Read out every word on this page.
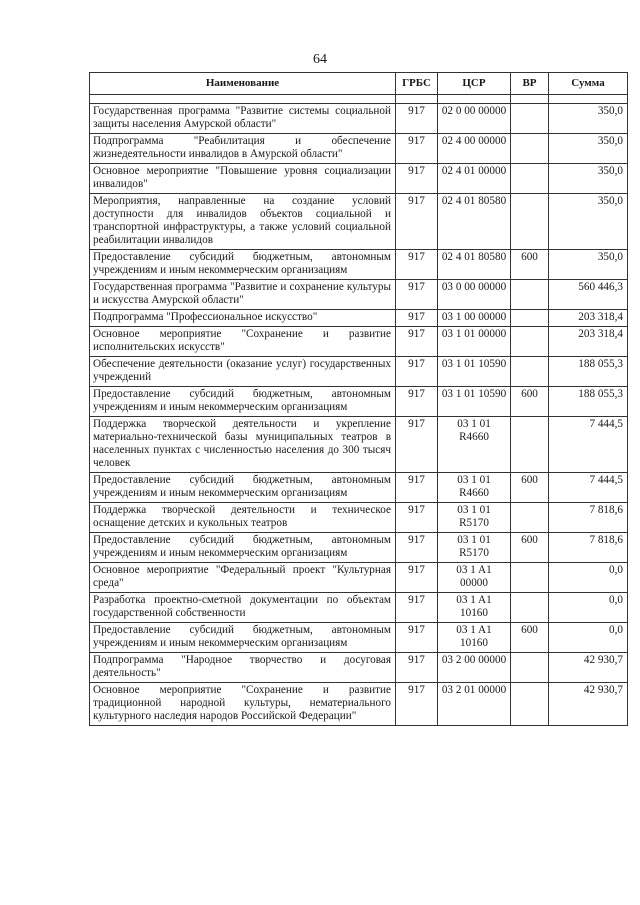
64
Наименование	ГРБС	ЦСР	ВР	Сумма

Государственная программа "Развитие системы социальной защиты населения Амурской области"	917	02 0 00 00000		350,0
Подпрограмма "Реабилитация и обеспечение жизнедеятельности инвалидов в Амурской области"	917	02 4 00 00000		350,0
Основное мероприятие "Повышение уровня социализации инвалидов"	917	02 4 01 00000		350,0
Мероприятия, направленные на создание условий доступности для инвалидов объектов социальной и транспортной инфраструктуры, а также условий социальной реабилитации инвалидов	917	02 4 01 80580		350,0
Предоставление субсидий бюджетным, автономным учреждениям и иным некоммерческим организациям	917	02 4 01 80580	600	350,0
Государственная программа "Развитие и сохранение культуры и искусства Амурской области"	917	03 0 00 00000		560 446,3
Подпрограмма "Профессиональное искусство"	917	03 1 00 00000		203 318,4
Основное мероприятие "Сохранение и развитие исполнительских искусств"	917	03 1 01 00000		203 318,4
Обеспечение деятельности (оказание услуг) государственных учреждений	917	03 1 01 10590		188 055,3
Предоставление субсидий бюджетным, автономным учреждениям и иным некоммерческим организациям	917	03 1 01 10590	600	188 055,3
Поддержка творческой деятельности и укрепление материально-технической базы муниципальных театров в населенных пунктах с численностью населения до 300 тысяч человек	917	03 1 01 R4660		7 444,5
Предоставление субсидий бюджетным, автономным учреждениям и иным некоммерческим организациям	917	03 1 01 R4660	600	7 444,5
Поддержка творческой деятельности и техническое оснащение детских и кукольных театров	917	03 1 01 R5170		7 818,6
Предоставление субсидий бюджетным, автономным учреждениям и иным некоммерческим организациям	917	03 1 01 R5170	600	7 818,6
Основное мероприятие "Федеральный проект "Культурная среда"	917	03 1 A1 00000		0,0
Разработка проектно-сметной документации по объектам государственной собственности	917	03 1 A1 10160		0,0
Предоставление субсидий бюджетным, автономным учреждениям и иным некоммерческим организациям	917	03 1 A1 10160	600	0,0
Подпрограмма "Народное творчество и досуговая деятельность"	917	03 2 00 00000		42 930,7
Основное мероприятие "Сохранение и развитие традиционной народной культуры, нематериального культурного наследия народов Российской Федерации"	917	03 2 01 00000		42 930,7
